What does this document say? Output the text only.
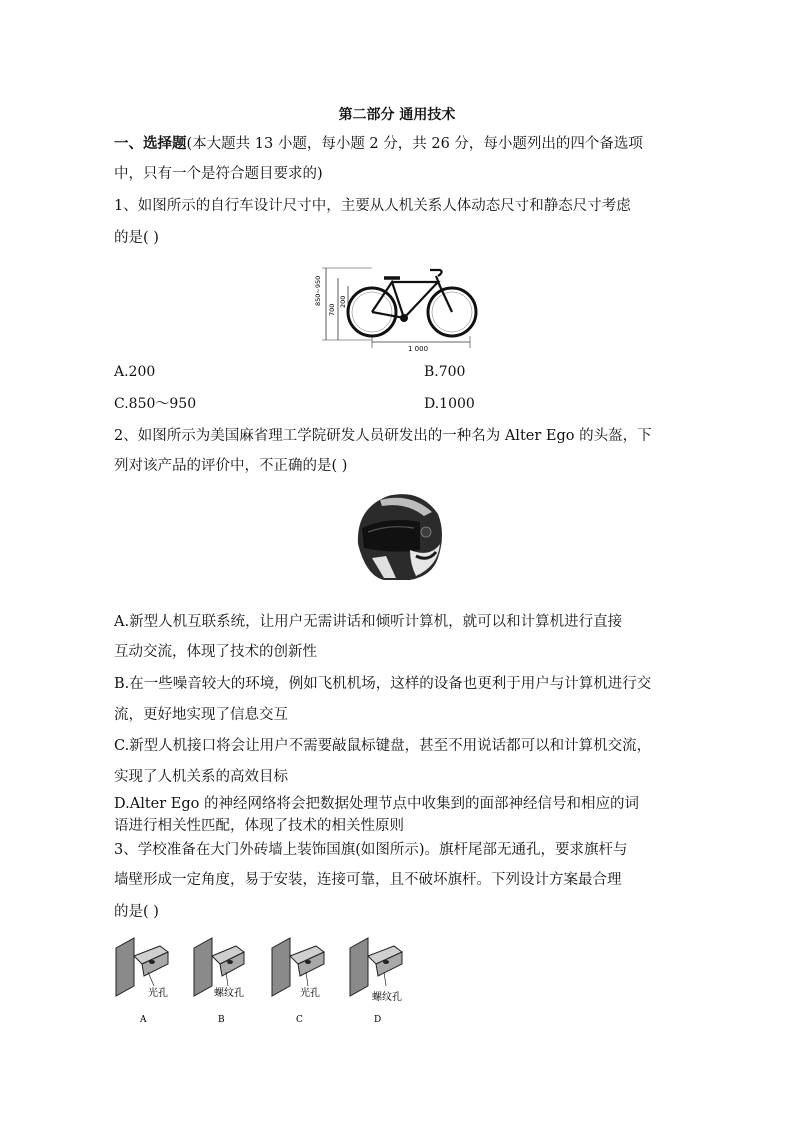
第二部分 通用技术
一、选择题(本大题共 13 小题，每小题 2 分，共 26 分，每小题列出的四个备选项
中，只有一个是符合题目要求的)
1、如图所示的自行车设计尺寸中，主要从人机关系人体动态尺寸和静态尺寸考虑
的是( )
850~950
700
200
1 000
A.200	B.700
C.850～950	D.1000
2、如图所示为美国麻省理工学院研发人员研发出的一种名为 Alter Ego 的头盔，下
列对该产品的评价中，不正确的是( )
A.新型人机互联系统，让用户无需讲话和倾听计算机，就可以和计算机进行直接
互动交流，体现了技术的创新性
B.在一些噪音较大的环境，例如飞机机场，这样的设备也更利于用户与计算机进行交
流，更好地实现了信息交互
C.新型人机接口将会让用户不需要敲鼠标键盘，甚至不用说话都可以和计算机交流，
实现了人机关系的高效目标
D.Alter Ego 的神经网络将会把数据处理节点中收集到的面部神经信号和相应的词
语进行相关性匹配，体现了技术的相关性原则
3、学校准备在大门外砖墙上装饰国旗(如图所示)。旗杆尾部无通孔，要求旗杆与
墙壁形成一定角度，易于安装，连接可靠，且不破坏旗杆。下列设计方案最合理
的是( )
光孔
A
螺纹孔
B
光孔
C
螺纹孔
D
